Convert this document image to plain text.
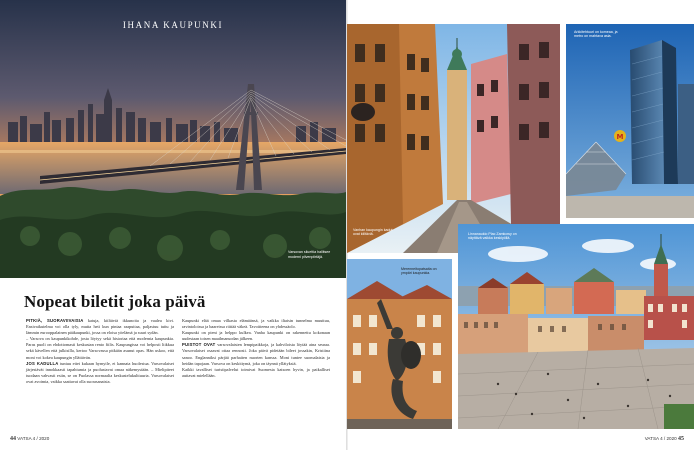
IHANA KAUPUNKI
Varsovan siluettia hallitsee moderni pilvenpiirtäjä.
Nopeat biletit joka päivä

PITKIÄ, SUORAVIIVAISIA katuja, kiiltäviä ikkunoita ja vaalea kivi. Ensivaikutelma voi olla tyly, mutta heti kun pintaa raaputtaa, paljastuu tuttu ja lämmin eurooppalainen pääkaupunki, jossa on eloisa yöelämä ja suuri sydän.

– Varsova on kaupunkikohde, josta löytyy sekä historiaa että modernia kaupunkia. Paras puoli on ehdottomasti keskustan rento fiilis. Kaupungissa voi helposti liikkua sekä kävellen että julkisilla, kertoo Varsovassa pitkään asunut opas. Hän uskoo, että moni voi kokea kaupungin yllättävän.

JOS KADULLA tuntuu ettei kukaan hymyile, ei kannata huolestua. Varsovalaiset järjestävät innokkaasti tapahtumia ja puolustavat omaa näkemystään. – Mielipiteet tuodaan vahvasti esiin, se on Puolassa normaalia keskustelukulttuuria. Varsovalaiset ovat avoimia, vaikka saattavat olla suorasanaisia.

Kaupunki elää omaa vilkasta elämäänsä, ja vaikka iltaisin tunnelma muuttuu, ravintoloissa ja baareissa riittää väkeä. Tavoitteena on yhdessäolo.

Kaupunki on pieni ja helppo kulkea. Vanha kaupunki on rakennettu kokonaan uudestaan toisen maailmansodan jälkeen.

PUISTOT OVAT varsovalaisten lempipaikkoja, ja kahviloista löytää aina seuraa. Varsovalaiset osaavat ottaa rennosti. Joka päivä pidetään bileet jossakin, Kristiina sanoo. Englanniksi pärjää parhaiten nuorten kanssa. Moni tuntee suomalaisia ja heidän tapojaan. Varsova on keskittymä, joka on täynnä yllätyksiä.

Kaikki tavalliset turistipalvelut toimivat Suomesta katsoen hyvin, ja paikalliset auttavat mielellään.

44 VATSA 4 / 2020
Vanhan kaupungin kadut ovat kiiltäviä.
M
Arkkitehtuuri on komeaa, ja metro on mahtava asia.
Merenneitopatsaita on ympäri kaupunkia.
Linnanaukio Plac Zamkowy on näyttävä vaikka keskiyöllä.
VATSA 4 / 2020 45
